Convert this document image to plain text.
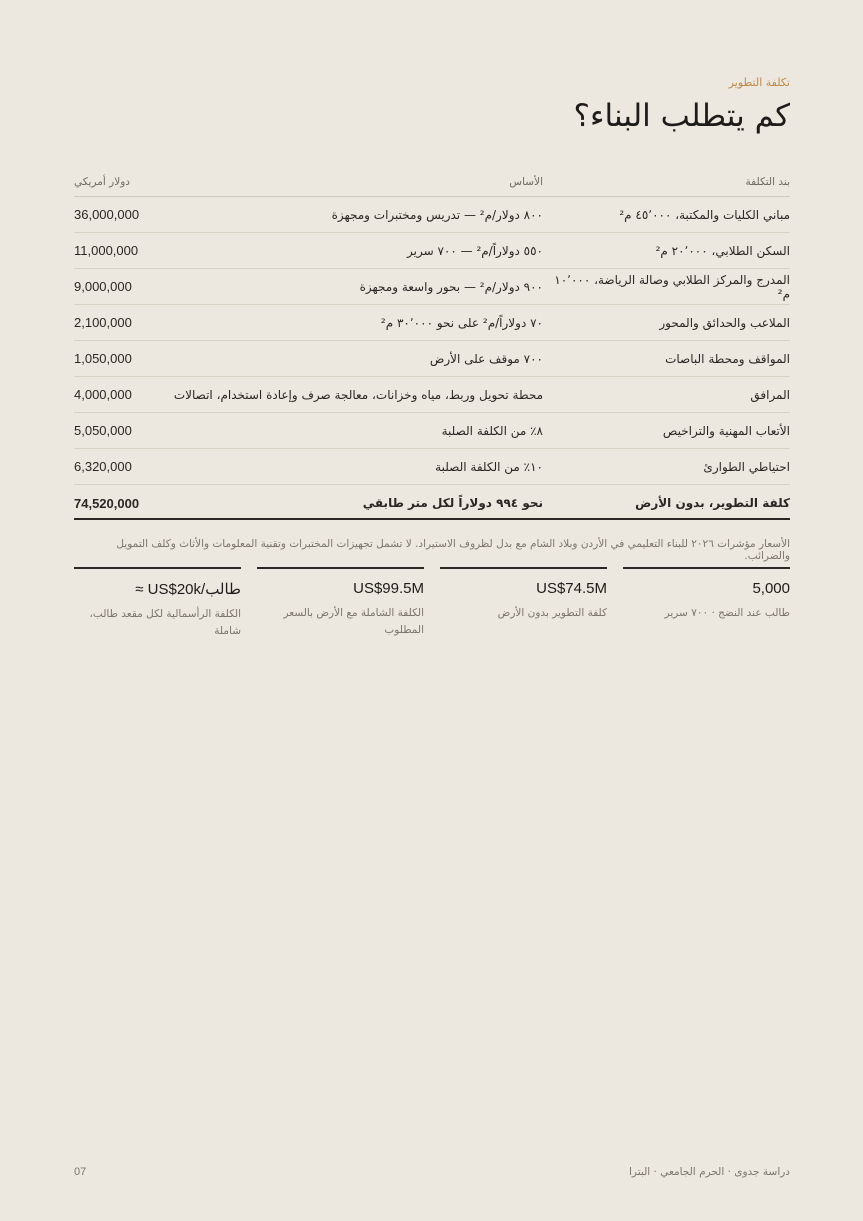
تكلفة التطوير
كم يتطلب البناء؟
بند التكلفة	الأساس	دولار أمريكي
مباني الكليات والمكتبة، ٤٥٬٠٠٠ م²	٨٠٠ دولار/م² — تدريس ومختبرات ومجهزة	36,000,000
السكن الطلابي، ٢٠٬٠٠٠ م²	٥٥٠ دولاراً/م² — ٧٠٠ سرير	11,000,000
المدرج والمركز الطلابي وصالة الرياضة، ١٠٬٠٠٠ م²	٩٠٠ دولار/م² — بحور واسعة ومجهزة	9,000,000
الملاعب والحدائق والمحور	٧٠ دولاراً/م² على نحو ٣٠٬٠٠٠ م²	2,100,000
المواقف ومحطة الباصات	٧٠٠ موقف على الأرض	1,050,000
المرافق	محطة تحويل وربط، مياه وخزانات، معالجة صرف وإعادة استخدام، اتصالات	4,000,000
الأتعاب المهنية والتراخيص	٨٪ من الكلفة الصلبة	5,050,000
احتياطي الطوارئ	١٠٪ من الكلفة الصلبة	6,320,000
كلفة التطوير، بدون الأرض	نحو ٩٩٤ دولاراً لكل متر طابقي	74,520,000
الأسعار مؤشرات ٢٠٢٦ للبناء التعليمي في الأردن وبلاد الشام مع بدل لظروف الاستيراد. لا تشمل تجهيزات المختبرات وتقنية المعلومات والأثاث وكلف التمويل والضرائب.
5,000
طالب عند النضج · ٧٠٠ سرير
US$74.5M
كلفة التطوير بدون الأرض
US$99.5M
الكلفة الشاملة مع الأرض بالسعر المطلوب
≈ US$20k/طالب
الكلفة الرأسمالية لكل مقعد طالب، شاملة
07	دراسة جدوى · الحرم الجامعي · البترا
